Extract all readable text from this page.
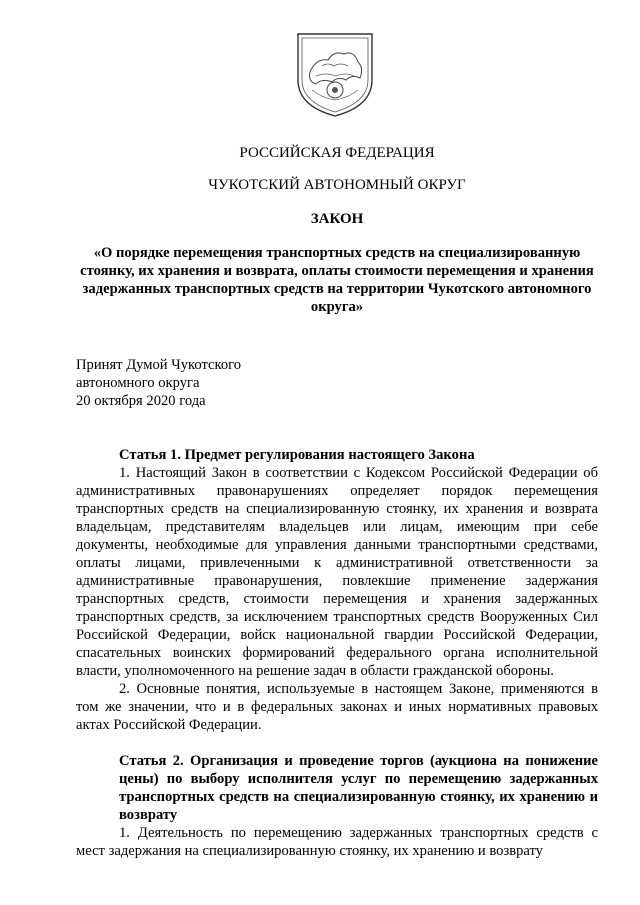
РОССИЙСКАЯ ФЕДЕРАЦИЯ
ЧУКОТСКИЙ АВТОНОМНЫЙ ОКРУГ
ЗАКОН
«О порядке перемещения транспортных средств на специализированную стоянку, их хранения и возврата, оплаты стоимости перемещения и хранения задержанных транспортных средств на территории Чукотского автономного округа»
Принят Думой Чукотского
автономного округа
20 октября 2020 года

Статья 1. Предмет регулирования настоящего Закона

1. Настоящий Закон в соответствии с Кодексом Российской Федерации об административных правонарушениях определяет порядок перемещения транспортных средств на специализированную стоянку, их хранения и возврата владельцам, представителям владельцев или лицам, имеющим при себе документы, необходимые для управления данными транспортными средствами, оплаты лицами, привлеченными к административной ответственности за административные правонарушения, повлекшие применение задержания транспортных средств, стоимости перемещения и хранения задержанных транспортных средств, за исключением транспортных средств Вооруженных Сил Российской Федерации, войск национальной гвардии Российской Федерации, спасательных воинских формирований федерального органа исполнительной власти, уполномоченного на решение задач в области гражданской обороны.

2. Основные понятия, используемые в настоящем Законе, применяются в том же значении, что и в федеральных законах и иных нормативных правовых актах Российской Федерации.

Статья 2. Организация и проведение торгов (аукциона на понижение цены) по выбору исполнителя услуг по перемещению задержанных транспортных средств на специализированную стоянку, их хранению и возврату

1. Деятельность по перемещению задержанных транспортных средств с мест задержания на специализированную стоянку, их хранению и возврату
